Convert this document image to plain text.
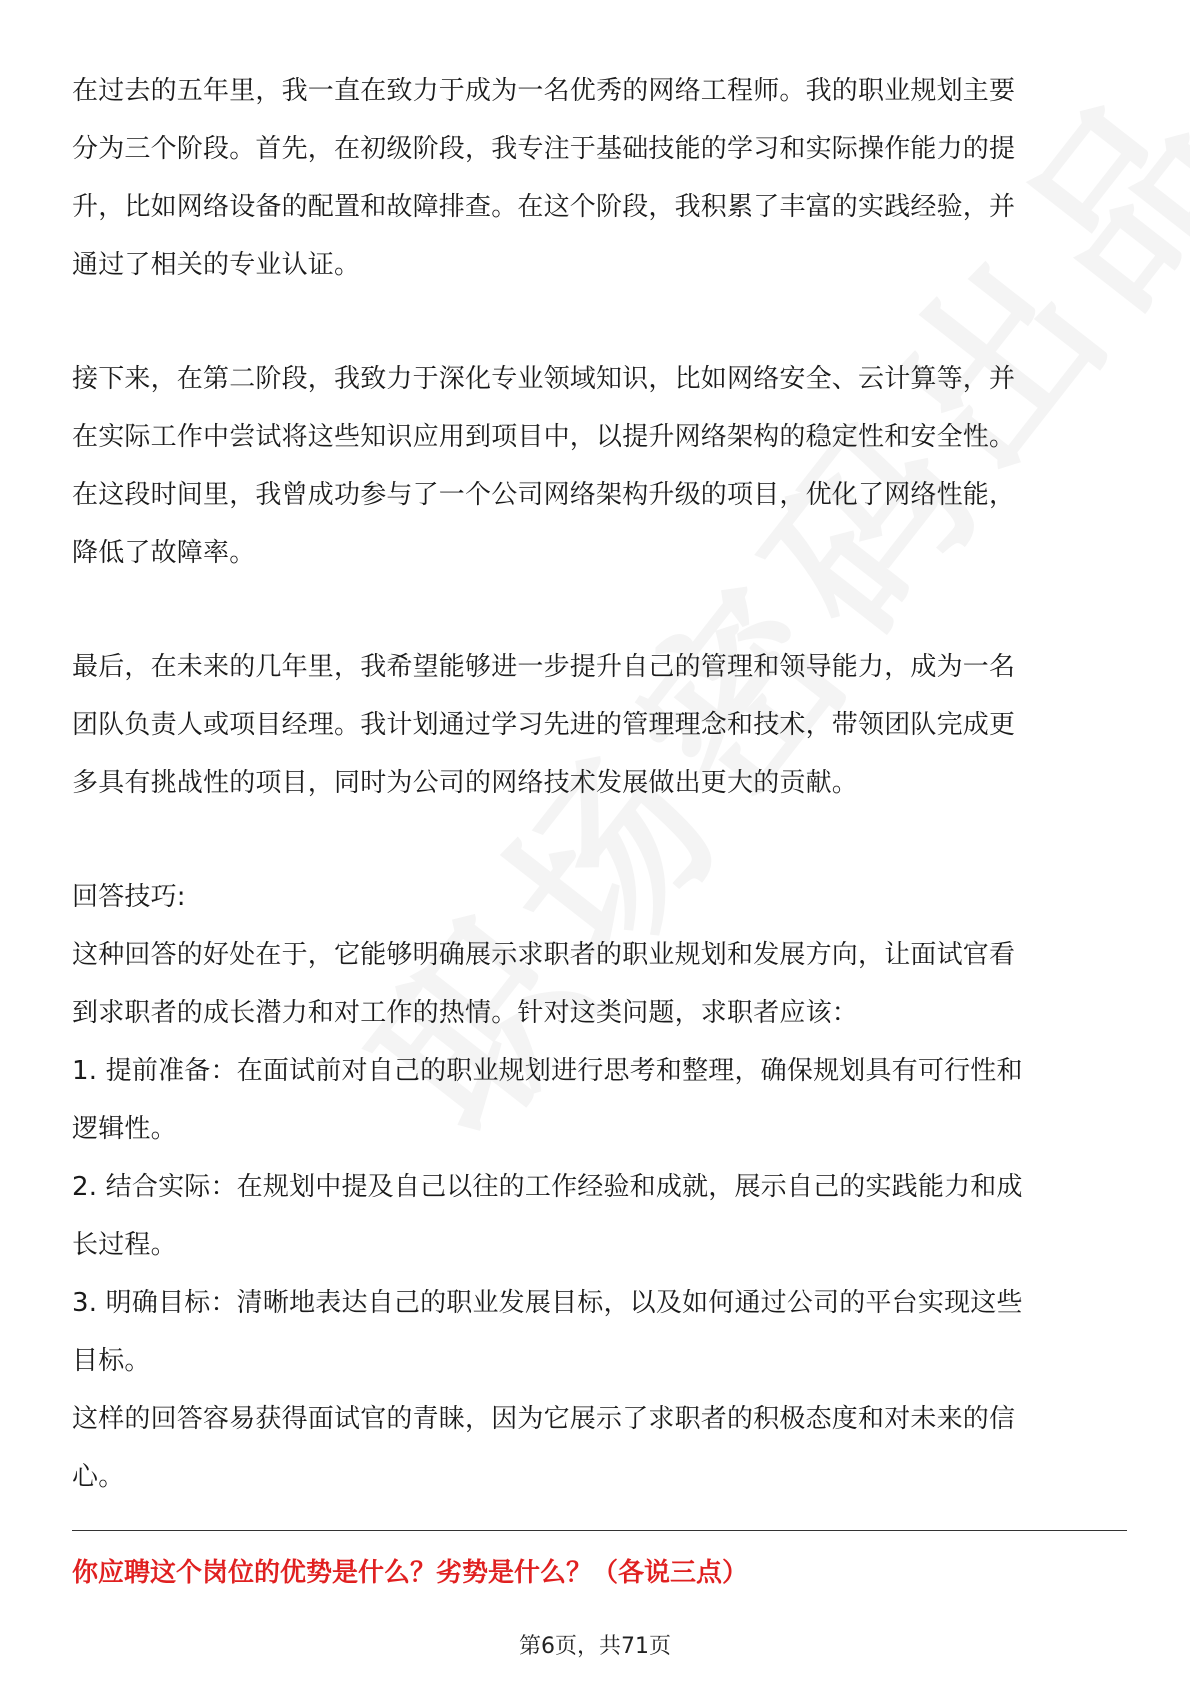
在过去的五年里，我一直在致力于成为一名优秀的网络工程师。我的职业规划主要
分为三个阶段。首先，在初级阶段，我专注于基础技能的学习和实际操作能力的提
升，比如网络设备的配置和故障排查。在这个阶段，我积累了丰富的实践经验，并
通过了相关的专业认证。
接下来，在第二阶段，我致力于深化专业领域知识，比如网络安全、云计算等，并
在实际工作中尝试将这些知识应用到项目中，以提升网络架构的稳定性和安全性。
在这段时间里，我曾成功参与了一个公司网络架构升级的项目，优化了网络性能，
降低了故障率。
最后，在未来的几年里，我希望能够进一步提升自己的管理和领导能力，成为一名
团队负责人或项目经理。我计划通过学习先进的管理理念和技术，带领团队完成更
多具有挑战性的项目，同时为公司的网络技术发展做出更大的贡献。
回答技巧:
这种回答的好处在于，它能够明确展示求职者的职业规划和发展方向，让面试官看
到求职者的成长潜力和对工作的热情。针对这类问题，求职者应该：
1. 提前准备：在面试前对自己的职业规划进行思考和整理，确保规划具有可行性和
逻辑性。
2. 结合实际：在规划中提及自己以往的工作经验和成就，展示自己的实践能力和成
长过程。
3. 明确目标：清晰地表达自己的职业发展目标，以及如何通过公司的平台实现这些
目标。
这样的回答容易获得面试官的青睐，因为它展示了求职者的积极态度和对未来的信
心。
你应聘这个岗位的优势是什么？劣势是什么？（各说三点）
第6页，共71页
